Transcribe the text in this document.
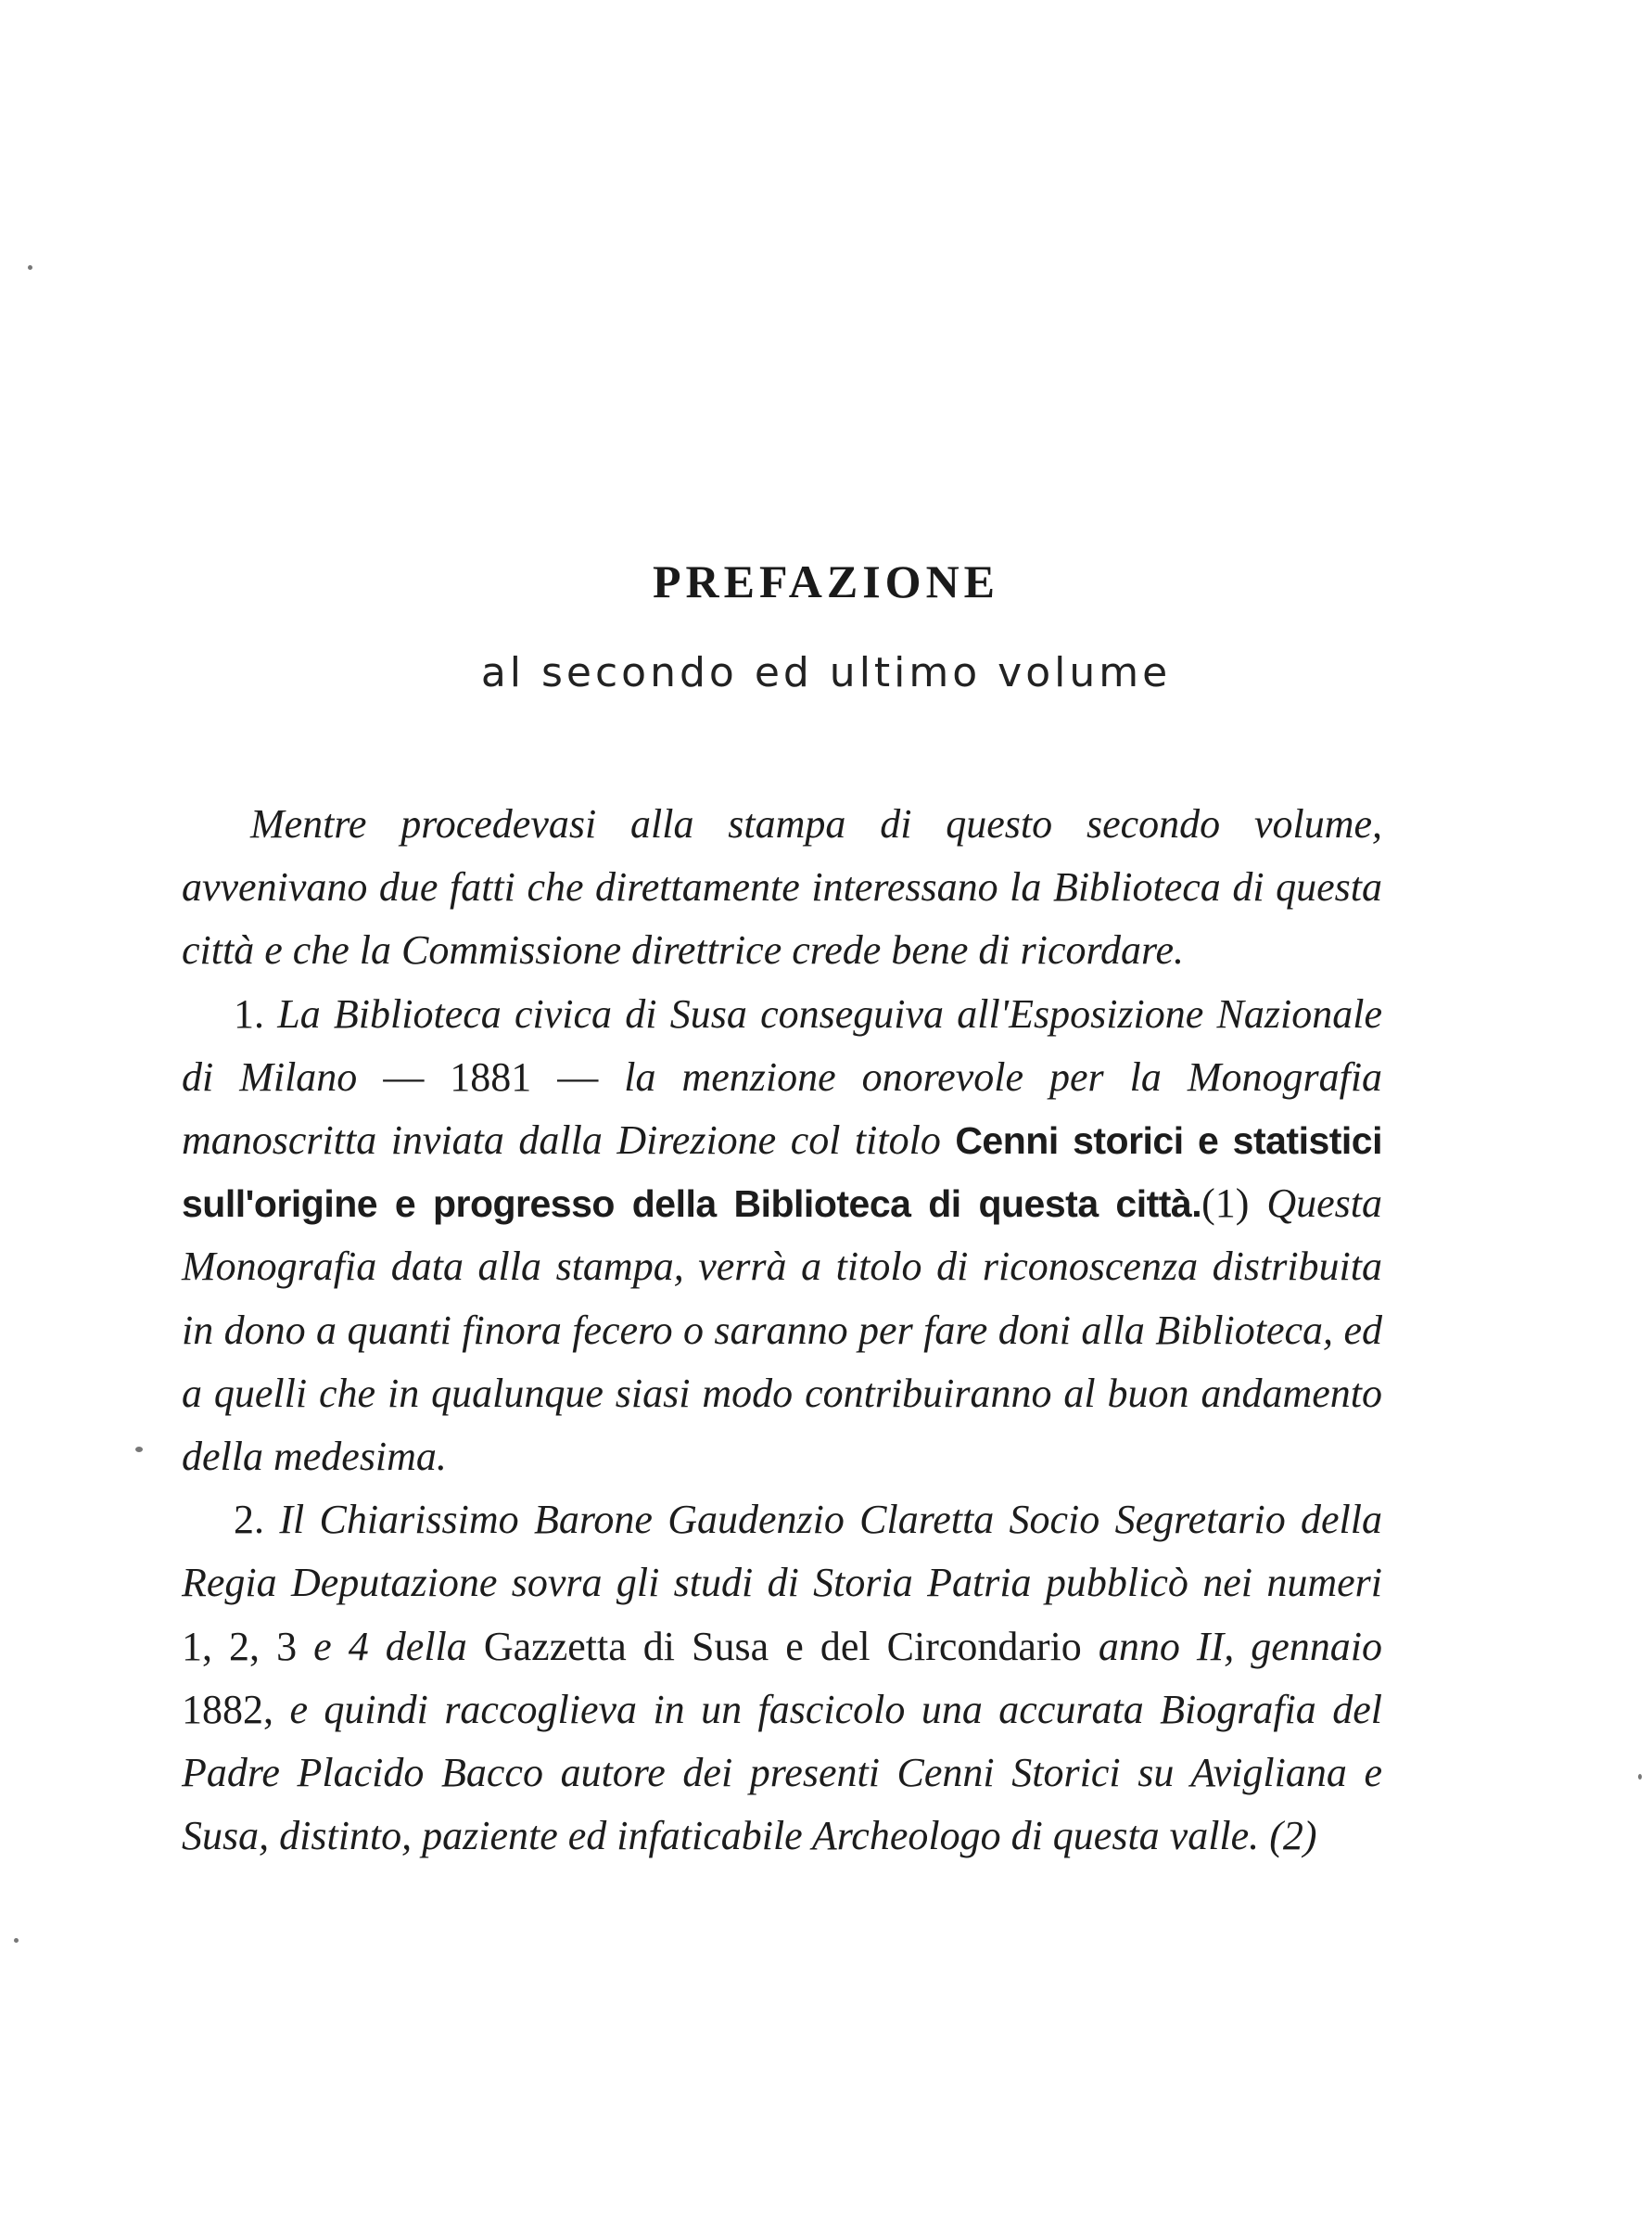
PREFAZIONE
al secondo ed ultimo volume

Mentre procedevasi alla stampa di questo secondo volume, avvenivano due fatti che direttamente interessano la Biblioteca di questa città e che la Commissione direttrice crede bene di ricordare.

1. La Biblioteca civica di Susa conseguiva all'Esposizione Nazionale di Milano — 1881 — la menzione onorevole per la Monografia manoscritta inviata dalla Direzione col titolo Cenni storici e statistici sull'origine e progresso della Biblioteca di questa città.(1) Questa Monografia data alla stampa, verrà a titolo di riconoscenza distribuita in dono a quanti finora fecero o saranno per fare doni alla Biblioteca, ed a quelli che in qualunque siasi modo contribuiranno al buon andamento della medesima.

2. Il Chiarissimo Barone Gaudenzio Claretta Socio Segretario della Regia Deputazione sovra gli studi di Storia Patria pubblicò nei numeri 1, 2, 3 e 4 della Gazzetta di Susa e del Circondario anno II, gennaio 1882, e quindi raccoglieva in un fascicolo una accurata Biografia del Padre Placido Bacco autore dei presenti Cenni Storici su Avigliana e Susa, distinto, paziente ed infaticabile Archeologo di questa valle. (2)
